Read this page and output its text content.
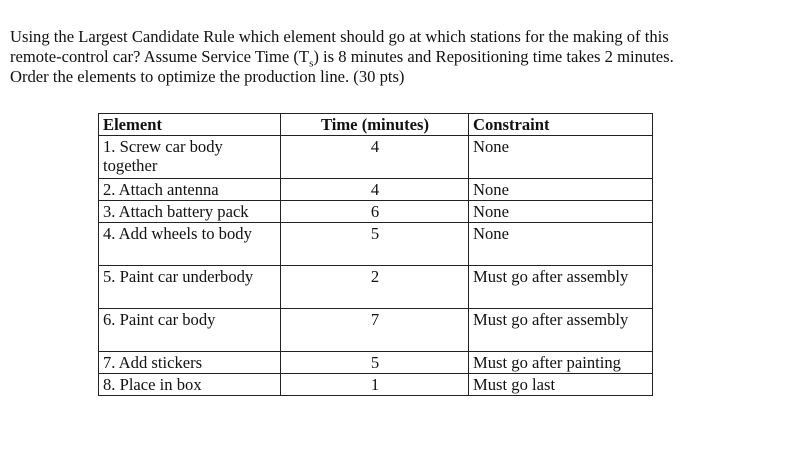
Using the Largest Candidate Rule which element should go at which stations for the making of this
remote-control car? Assume Service Time $(T_s)$ is 8 minutes and Repositioning time takes 2 minutes.
Order the elements to optimize the production line. (30 pts)

Element	Time (minutes)	Constraint
1. Screw car body together	4	None
2. Attach antenna	4	None
3. Attach battery pack	6	None
4. Add wheels to body	5	None
5. Paint car underbody	2	Must go after assembly
6. Paint car body	7	Must go after assembly
7. Add stickers	5	Must go after painting
8. Place in box	1	Must go last
